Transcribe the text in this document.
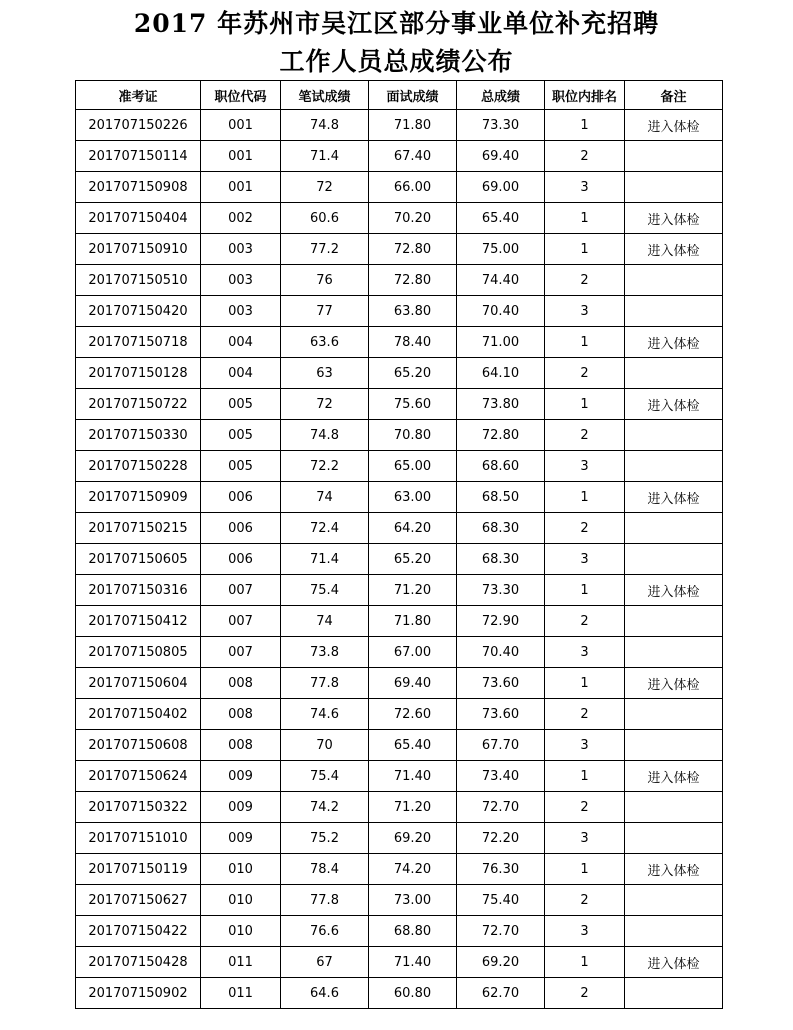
2017 年苏州市吴江区部分事业单位补充招聘
工作人员总成绩公布
准考证	职位代码	笔试成绩	面试成绩	总成绩	职位内排名	备注
201707150226	001	74.8	71.80	73.30	1	进入体检
201707150114	001	71.4	67.40	69.40	2	
201707150908	001	72	66.00	69.00	3	
201707150404	002	60.6	70.20	65.40	1	进入体检
201707150910	003	77.2	72.80	75.00	1	进入体检
201707150510	003	76	72.80	74.40	2	
201707150420	003	77	63.80	70.40	3	
201707150718	004	63.6	78.40	71.00	1	进入体检
201707150128	004	63	65.20	64.10	2	
201707150722	005	72	75.60	73.80	1	进入体检
201707150330	005	74.8	70.80	72.80	2	
201707150228	005	72.2	65.00	68.60	3	
201707150909	006	74	63.00	68.50	1	进入体检
201707150215	006	72.4	64.20	68.30	2	
201707150605	006	71.4	65.20	68.30	3	
201707150316	007	75.4	71.20	73.30	1	进入体检
201707150412	007	74	71.80	72.90	2	
201707150805	007	73.8	67.00	70.40	3	
201707150604	008	77.8	69.40	73.60	1	进入体检
201707150402	008	74.6	72.60	73.60	2	
201707150608	008	70	65.40	67.70	3	
201707150624	009	75.4	71.40	73.40	1	进入体检
201707150322	009	74.2	71.20	72.70	2	
201707151010	009	75.2	69.20	72.20	3	
201707150119	010	78.4	74.20	76.30	1	进入体检
201707150627	010	77.8	73.00	75.40	2	
201707150422	010	76.6	68.80	72.70	3	
201707150428	011	67	71.40	69.20	1	进入体检
201707150902	011	64.6	60.80	62.70	2	
